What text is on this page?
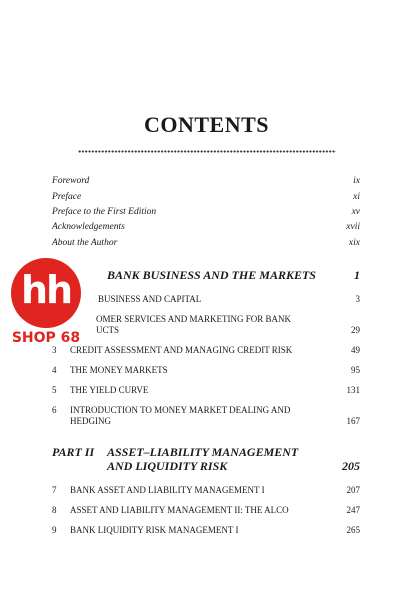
CONTENTS
Foreword	ix
Preface	xi
Preface to the First Edition	xv
Acknowledgements	xvii
About the Author	xix
BANK BUSINESS AND THE MARKETS	1
BUSINESS AND CAPITAL	3
OMER SERVICES AND MARKETING FOR BANK
UCTS	29
3 CREDIT ASSESSMENT AND MANAGING CREDIT RISK	49
4 THE MONEY MARKETS	95
5 THE YIELD CURVE	131
6 INTRODUCTION TO MONEY MARKET DEALING AND
HEDGING	167
PART II ASSET–LIABILITY MANAGEMENT
AND LIQUIDITY RISK	205
7 BANK ASSET AND LIABILITY MANAGEMENT I	207
8 ASSET AND LIABILITY MANAGEMENT II: THE ALCO	247
9 BANK LIQUIDITY RISK MANAGEMENT I	265
hh
SHOP 68
